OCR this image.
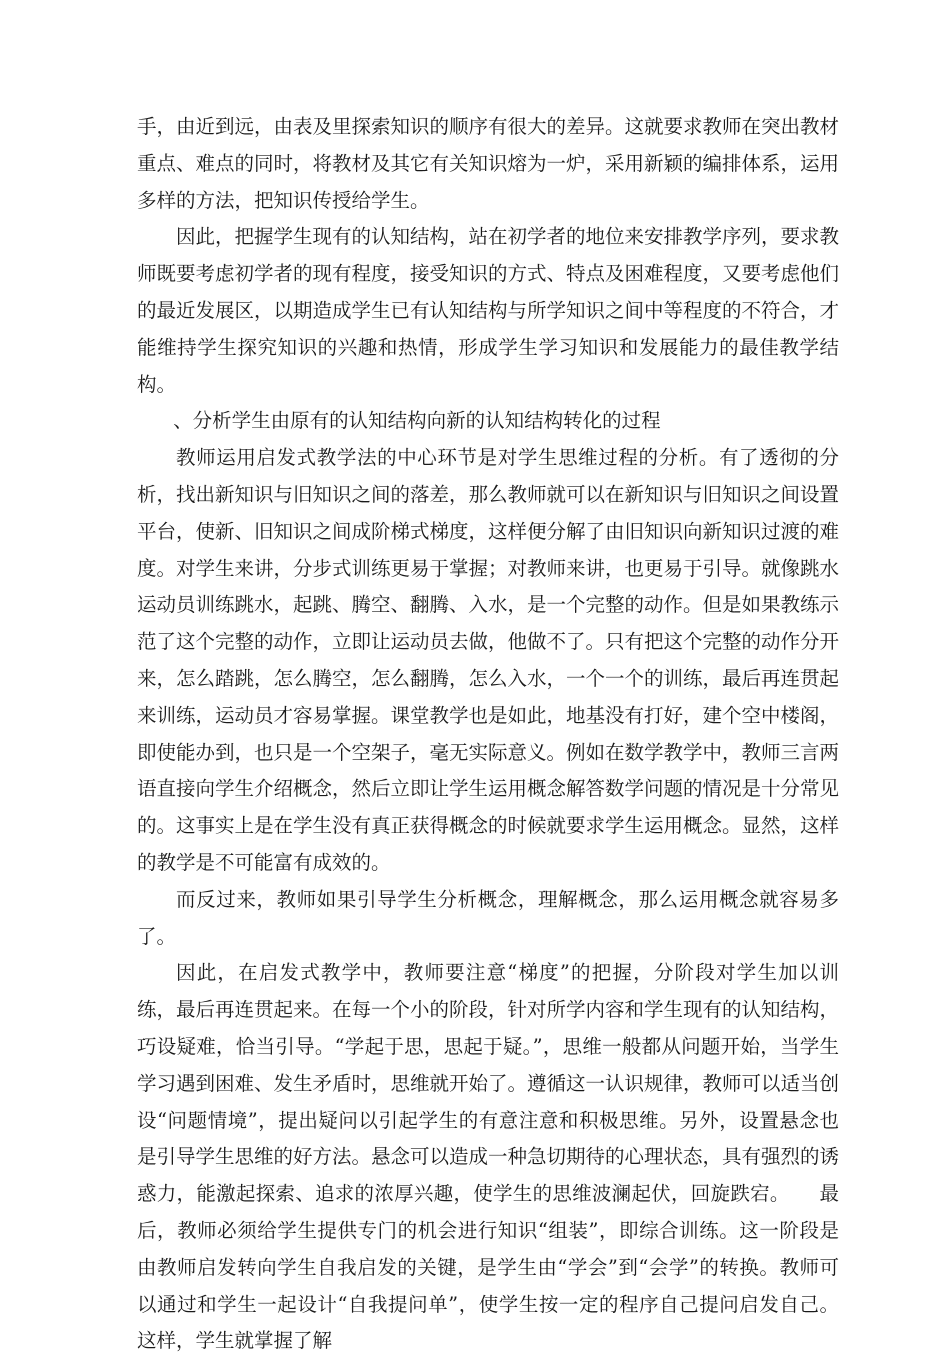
手，由近到远，由表及里探索知识的顺序有很大的差异。这就要求教师在突出教材重点、难点的同时，将教材及其它有关知识熔为一炉，采用新颖的编排体系，运用多样的方法，把知识传授给学生。

因此，把握学生现有的认知结构，站在初学者的地位来安排教学序列，要求教师既要考虑初学者的现有程度，接受知识的方式、特点及困难程度，又要考虑他们的最近发展区，以期造成学生已有认知结构与所学知识之间中等程度的不符合，才能维持学生探究知识的兴趣和热情，形成学生学习知识和发展能力的最佳教学结构。

、分析学生由原有的认知结构向新的认知结构转化的过程

教师运用启发式教学法的中心环节是对学生思维过程的分析。有了透彻的分析，找出新知识与旧知识之间的落差，那么教师就可以在新知识与旧知识之间设置平台，使新、旧知识之间成阶梯式梯度，这样便分解了由旧知识向新知识过渡的难度。对学生来讲，分步式训练更易于掌握；对教师来讲，也更易于引导。就像跳水运动员训练跳水，起跳、腾空、翻腾、入水，是一个完整的动作。但是如果教练示范了这个完整的动作，立即让运动员去做，他做不了。只有把这个完整的动作分开来，怎么踏跳，怎么腾空，怎么翻腾，怎么入水，一个一个的训练，最后再连贯起来训练，运动员才容易掌握。课堂教学也是如此，地基没有打好，建个空中楼阁，即使能办到，也只是一个空架子，毫无实际意义。例如在数学教学中，教师三言两语直接向学生介绍概念，然后立即让学生运用概念解答数学问题的情况是十分常见的。这事实上是在学生没有真正获得概念的时候就要求学生运用概念。显然，这样的教学是不可能富有成效的。

而反过来，教师如果引导学生分析概念，理解概念，那么运用概念就容易多了。

因此，在启发式教学中，教师要注意“梯度”的把握，分阶段对学生加以训练，最后再连贯起来。在每一个小的阶段，针对所学内容和学生现有的认知结构，巧设疑难，恰当引导。“学起于思，思起于疑。”，思维一般都从问题开始，当学生学习遇到困难、发生矛盾时，思维就开始了。遵循这一认识规律，教师可以适当创设“问题情境”，提出疑问以引起学生的有意注意和积极思维。另外，设置悬念也是引导学生思维的好方法。悬念可以造成一种急切期待的心理状态，具有强烈的诱惑力，能激起探索、追求的浓厚兴趣，使学生的思维波澜起伏，回旋跌宕。　　最后，教师必须给学生提供专门的机会进行知识“组装”，即综合训练。这一阶段是由教师启发转向学生自我启发的关键，是学生由“学会”到“会学”的转换。教师可以通过和学生一起设计“自我提问单”，使学生按一定的程序自己提问启发自己。这样，学生就掌握了解
